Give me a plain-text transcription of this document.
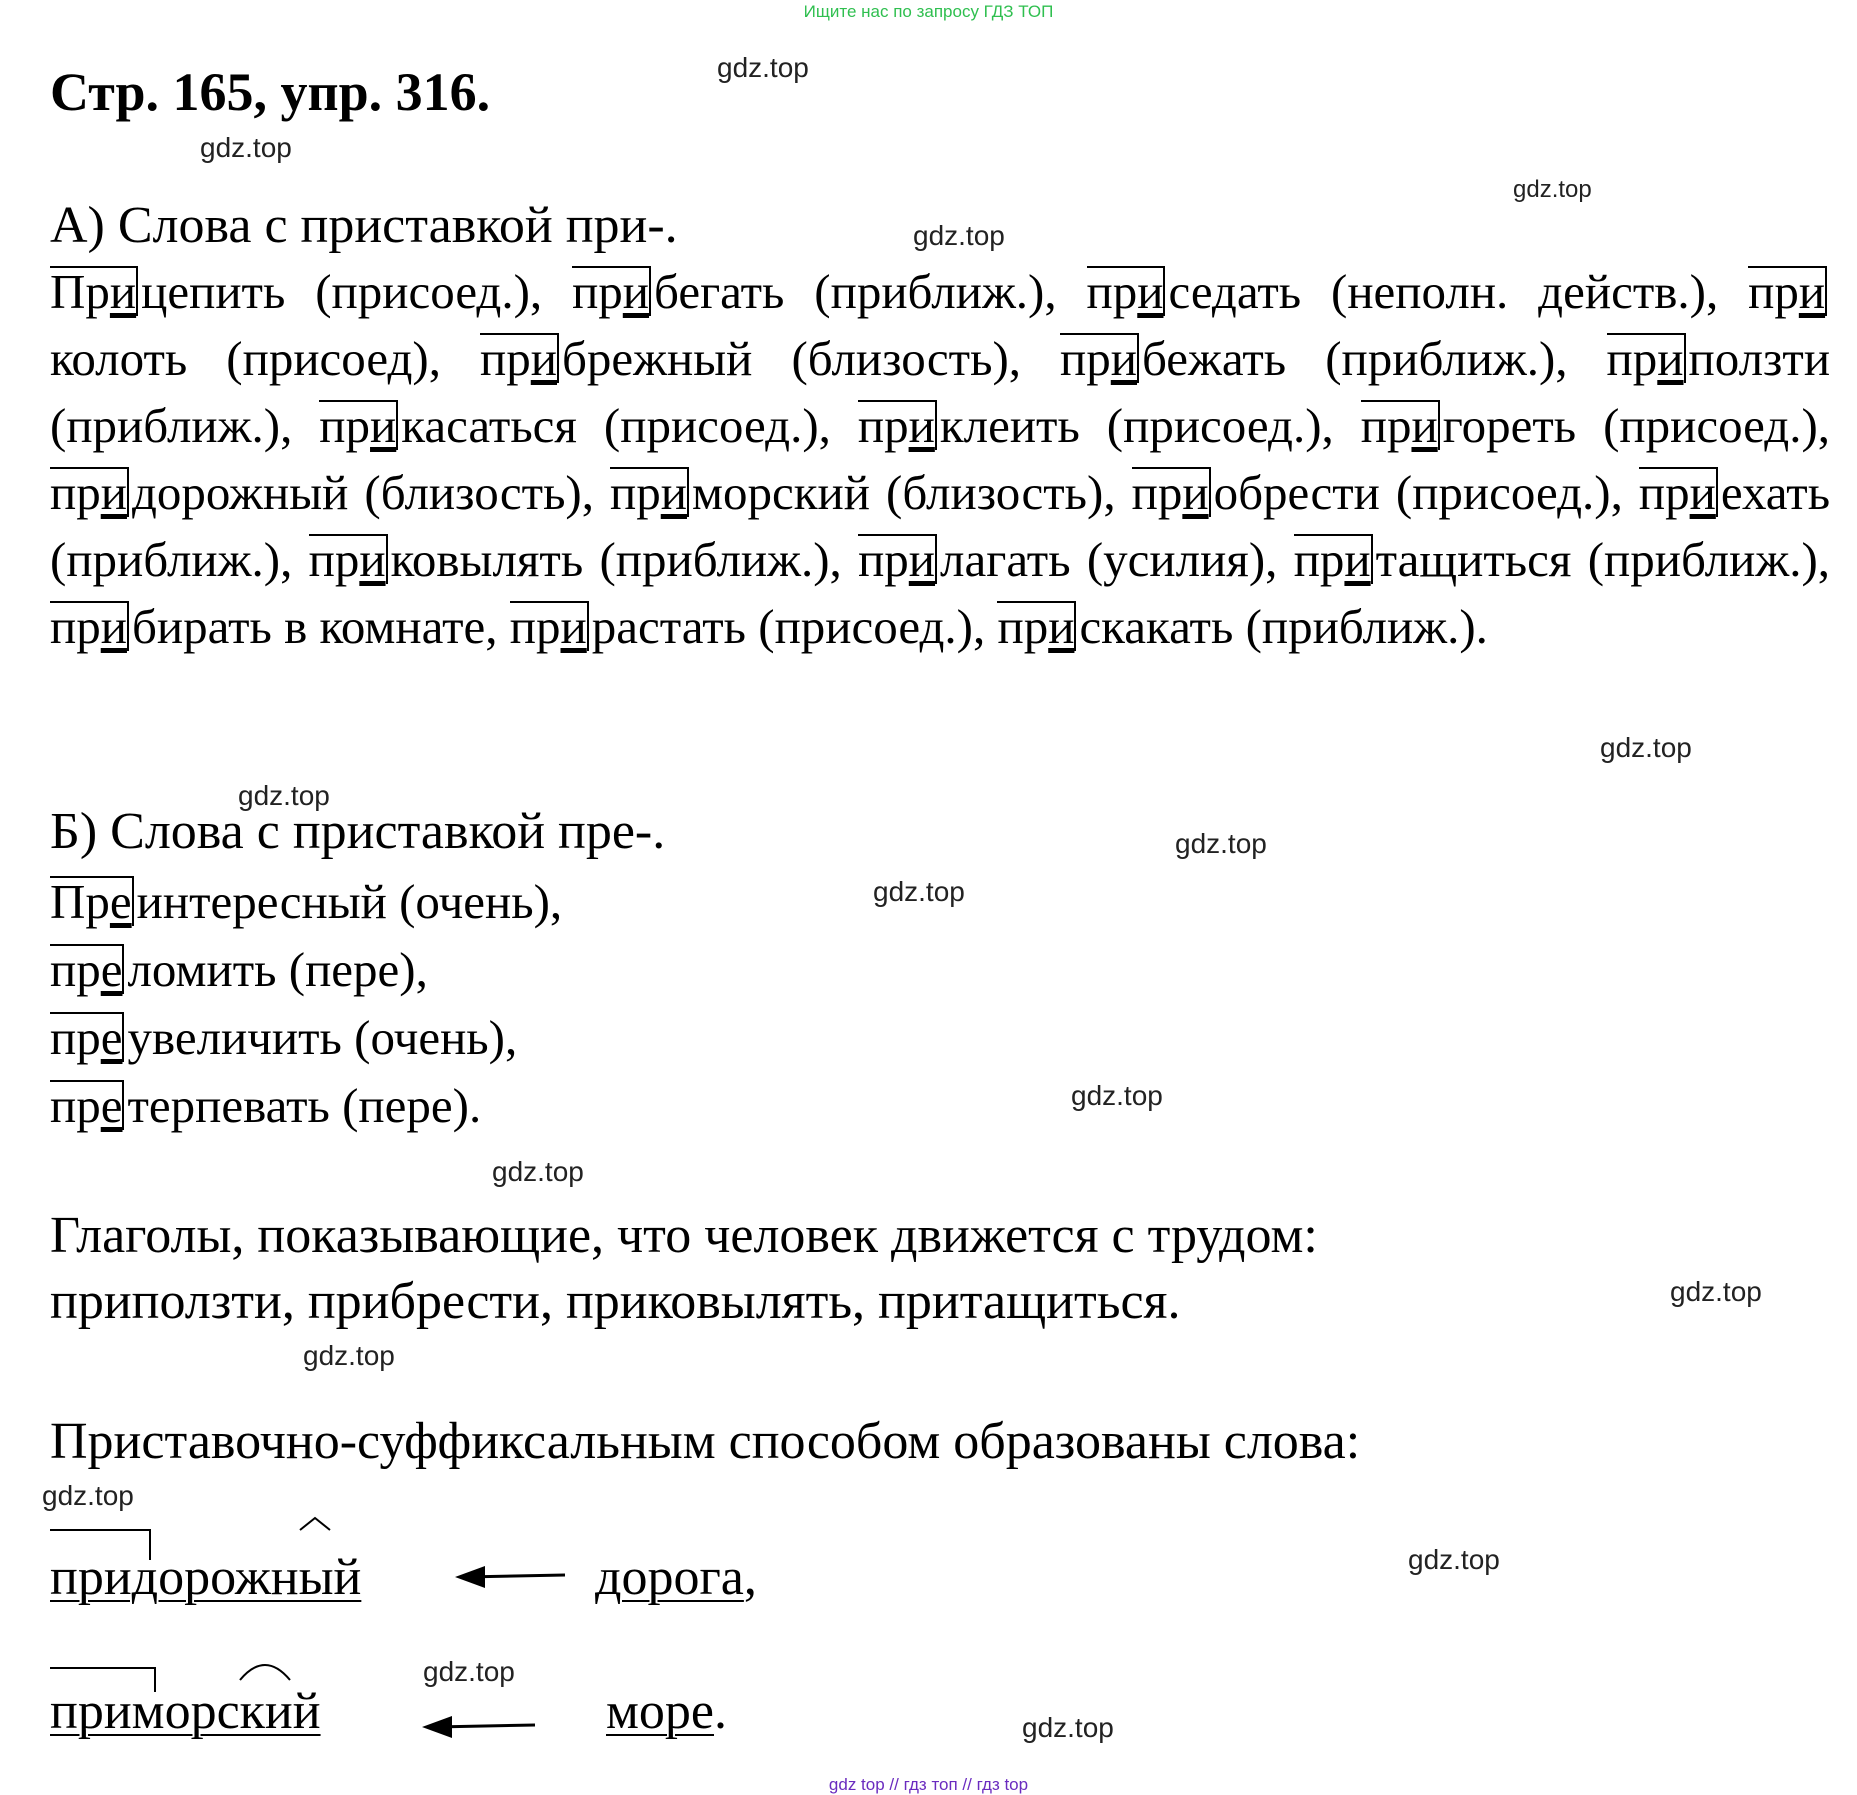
Ищите нас по запросу ГДЗ ТОП
Стр. 165, упр. 316.
А) Слова с приставкой при-.
При цепить (присоед.), при бегать (приближ.), при седать (неполн. действ.), приколоть (присоед), при брежный (близость), при бежать (приближ.), при ползти (приближ.), при касаться (присоед.), при клеить (присоед.), при гореть (присоед.), при дорожный (близость), при морский (близость), при обрести (присоед.), при ехать (приближ.), при ковылять (приближ.), при лагать (усилия), при тащиться (приближ.), при бирать в комнате, при растать (присоед.), при скакать (приближ.).
Б) Слова с приставкой пре-.
Пре интересный (очень),
пре ломить (пере),
пре увеличить (очень),
пре терпевать (пере).
Глаголы, показывающие, что человек движется с трудом:
приползти, прибрести, приковылять, притащиться.
Приставочно-суффиксальным способом образованы слова:
придорожный	дорога,
приморский	море.
gdz.top
gdz.top
gdz.top
gdz.top
gdz.top
gdz.top
gdz.top
gdz.top
gdz.top
gdz.top
gdz.top
gdz.top
gdz.top
gdz.top
gdz.top
gdz.top
gdz top // гдз топ // гдз top
